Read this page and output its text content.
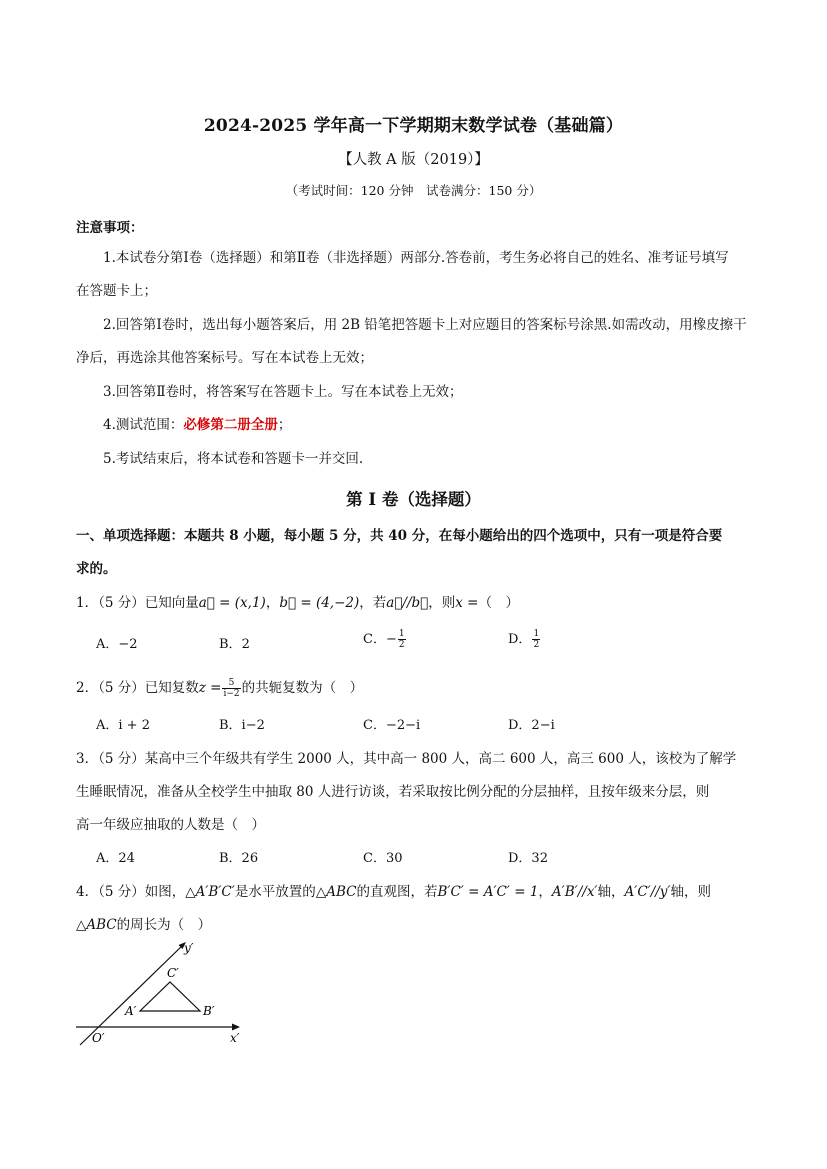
2024-2025 学年高一下学期期末数学试卷（基础篇）
【人教 A 版（2019）】
（考试时间：120 分钟　试卷满分：150 分）
注意事项：
1.本试卷分第Ⅰ卷（选择题）和第Ⅱ卷（非选择题）两部分.答卷前，考生务必将自己的姓名、准考证号填写
在答题卡上；
2.回答第Ⅰ卷时，选出每小题答案后，用 2B 铅笔把答题卡上对应题目的答案标号涂黑.如需改动，用橡皮擦干
净后，再选涂其他答案标号。写在本试卷上无效；
3.回答第Ⅱ卷时，将答案写在答题卡上。写在本试卷上无效；
4.测试范围：必修第二册全册；
5.考试结束后，将本试卷和答题卡一并交回.
第 I 卷（选择题）
一、单项选择题：本题共 8 小题，每小题 5 分，共 40 分，在每小题给出的四个选项中，只有一项是符合要
求的。
1．（5 分）已知向量a⃗ = (x,1)，b⃗ = (4,−2)，若a⃗//b⃗，则x =（　）
A．−2	B．2	C．− $\frac{1}{2}$	D． $\frac{1}{2}$
2．（5 分）已知复数$z = \frac{5}{i-2}$ 的共轭复数为（　）
A．i + 2	B．i−2	C．−2−i	D．2−i
3．（5 分）某高中三个年级共有学生 2000 人，其中高一 800 人，高二 600 人，高三 600 人，该校为了解学
生睡眠情况，准备从全校学生中抽取 80 人进行访谈，若采取按比例分配的分层抽样，且按年级来分层，则
高一年级应抽取的人数是（　）
A．24	B．26	C．30	D．32
4．（5 分）如图，△A′B′C′是水平放置的△ABC的直观图，若B′C′ = A′C′ = 1，A′B′//x′轴，A′C′//y′轴，则
△ABC的周长为（　）
y′
x′
O′
A′	B′
C′
